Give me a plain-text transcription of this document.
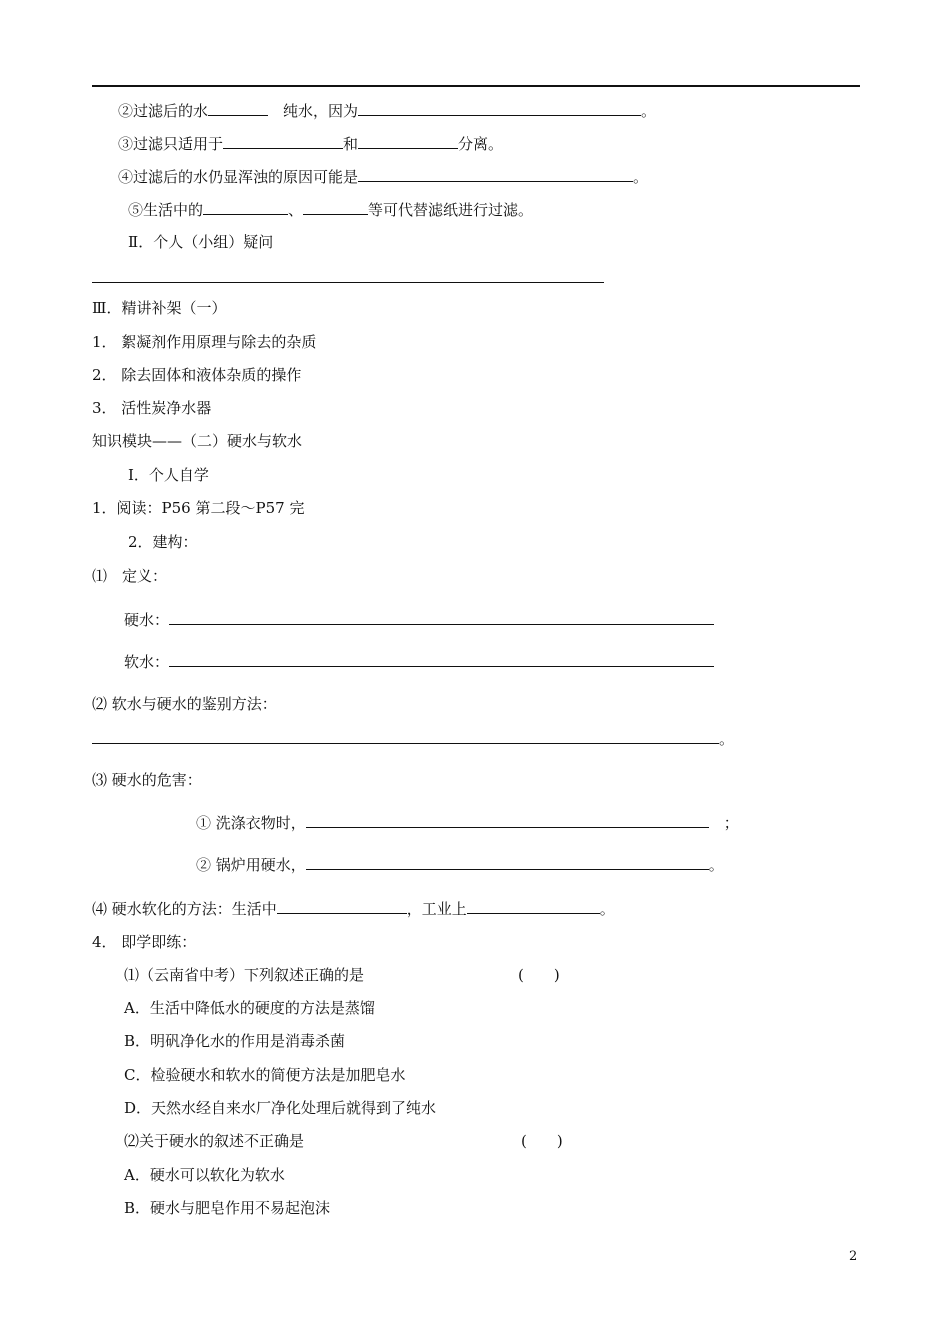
②过滤后的水　	纯水，因为	。
③过滤只适用于	和	分离。
④过滤后的水仍显浑浊的原因可能是	。
⑤生活中的	、	等可代替滤纸进行过滤。
Ⅱ．个人（小组）疑问
Ⅲ．精讲补架（一）
1． 絮凝剂作用原理与除去的杂质
2． 除去固体和液体杂质的操作
3． 活性炭净水器
知识模块——（二）硬水与软水
Ⅰ．个人自学
1．阅读：P56 第二段～P57 完
2．建构：
⑴　定义：
硬水：
软水：
⑵ 软水与硬水的鉴别方法：
。
⑶ 硬水的危害：
① 洗涤衣物时，　	；
② 锅炉用硬水，	。
⑷ 硬水软化的方法：生活中	，工业上	。
4． 即学即练：
⑴（云南省中考）下列叙述正确的是	(　　)
A．生活中降低水的硬度的方法是蒸馏
B．明矾净化水的作用是消毒杀菌
C．检验硬水和软水的简便方法是加肥皂水
D．天然水经自来水厂净化处理后就得到了纯水
⑵关于硬水的叙述不正确是	(　　)
A．硬水可以软化为软水
B．硬水与肥皂作用不易起泡沫
2
